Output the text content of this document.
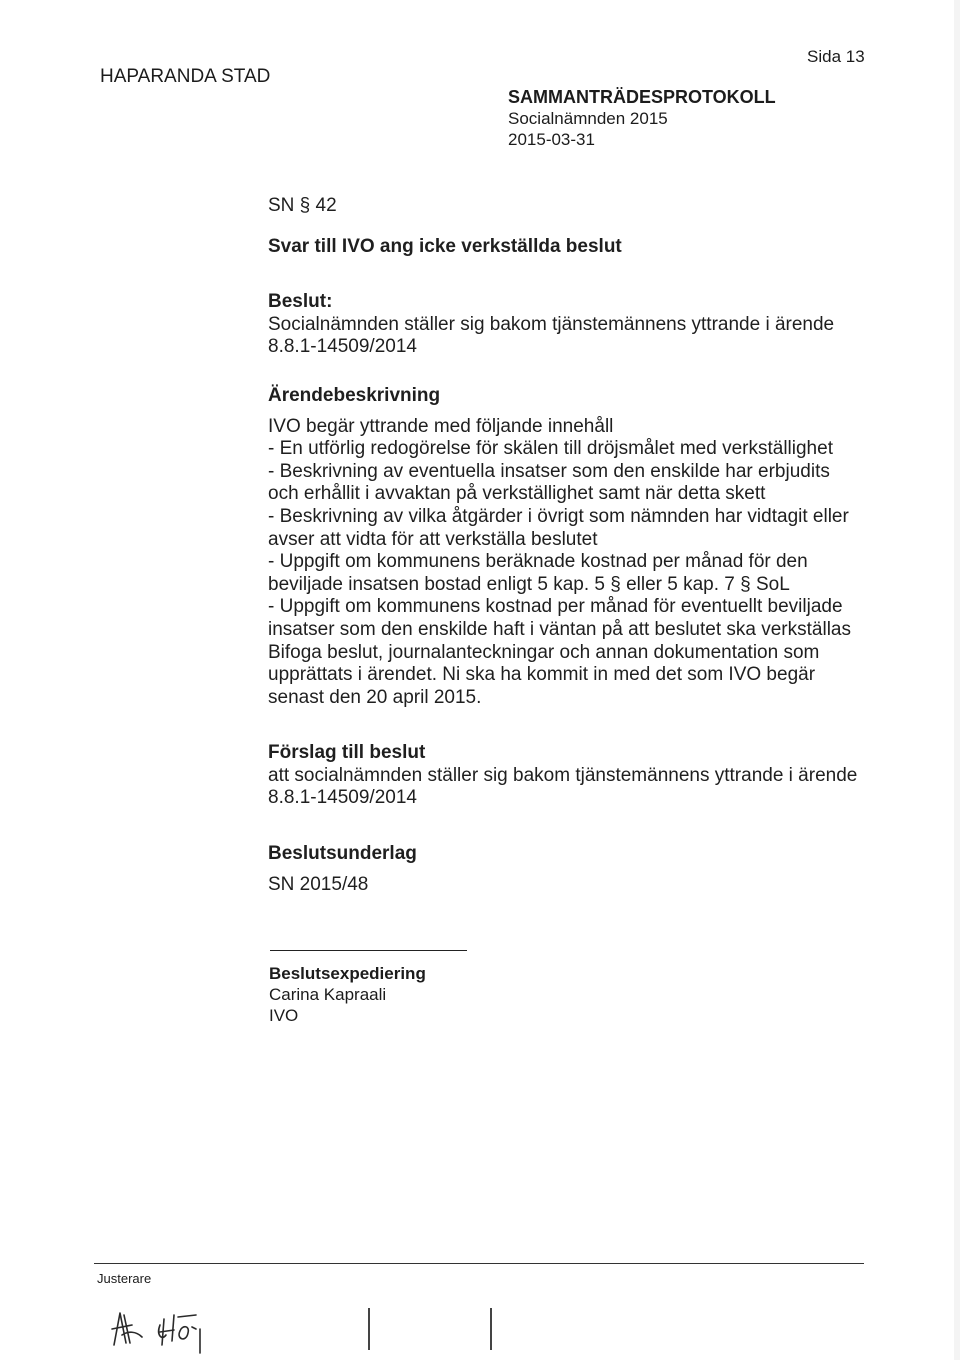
HAPARANDA STAD
Sida 13
SAMMANTRÄDESPROTOKOLL
Socialnämnden 2015
2015-03-31
SN § 42
Svar till IVO ang icke verkställda beslut
Beslut:
Socialnämnden ställer sig bakom tjänstemännens yttrande i ärende
8.8.1-14509/2014
Ärendebeskrivning
IVO begär yttrande med följande innehåll
- En utförlig redogörelse för skälen till dröjsmålet med verkställighet
- Beskrivning av eventuella insatser som den enskilde har erbjudits
och erhållit i avvaktan på verkställighet samt när detta skett
- Beskrivning av vilka åtgärder i övrigt som nämnden har vidtagit eller
avser att vidta för att verkställa beslutet
- Uppgift om kommunens beräknade kostnad per månad för den
beviljade insatsen bostad enligt 5 kap. 5 § eller 5 kap. 7 § SoL
- Uppgift om kommunens kostnad per månad för eventuellt beviljade
insatser som den enskilde haft i väntan på att beslutet ska verkställas
Bifoga beslut, journalanteckningar och annan dokumentation som
upprättats i ärendet. Ni ska ha kommit in med det som IVO begär
senast den 20 april 2015.
Förslag till beslut
att socialnämnden ställer sig bakom tjänstemännens yttrande i ärende
8.8.1-14509/2014
Beslutsunderlag
SN 2015/48
Beslutsexpediering
Carina Kapraali
IVO
Justerare
